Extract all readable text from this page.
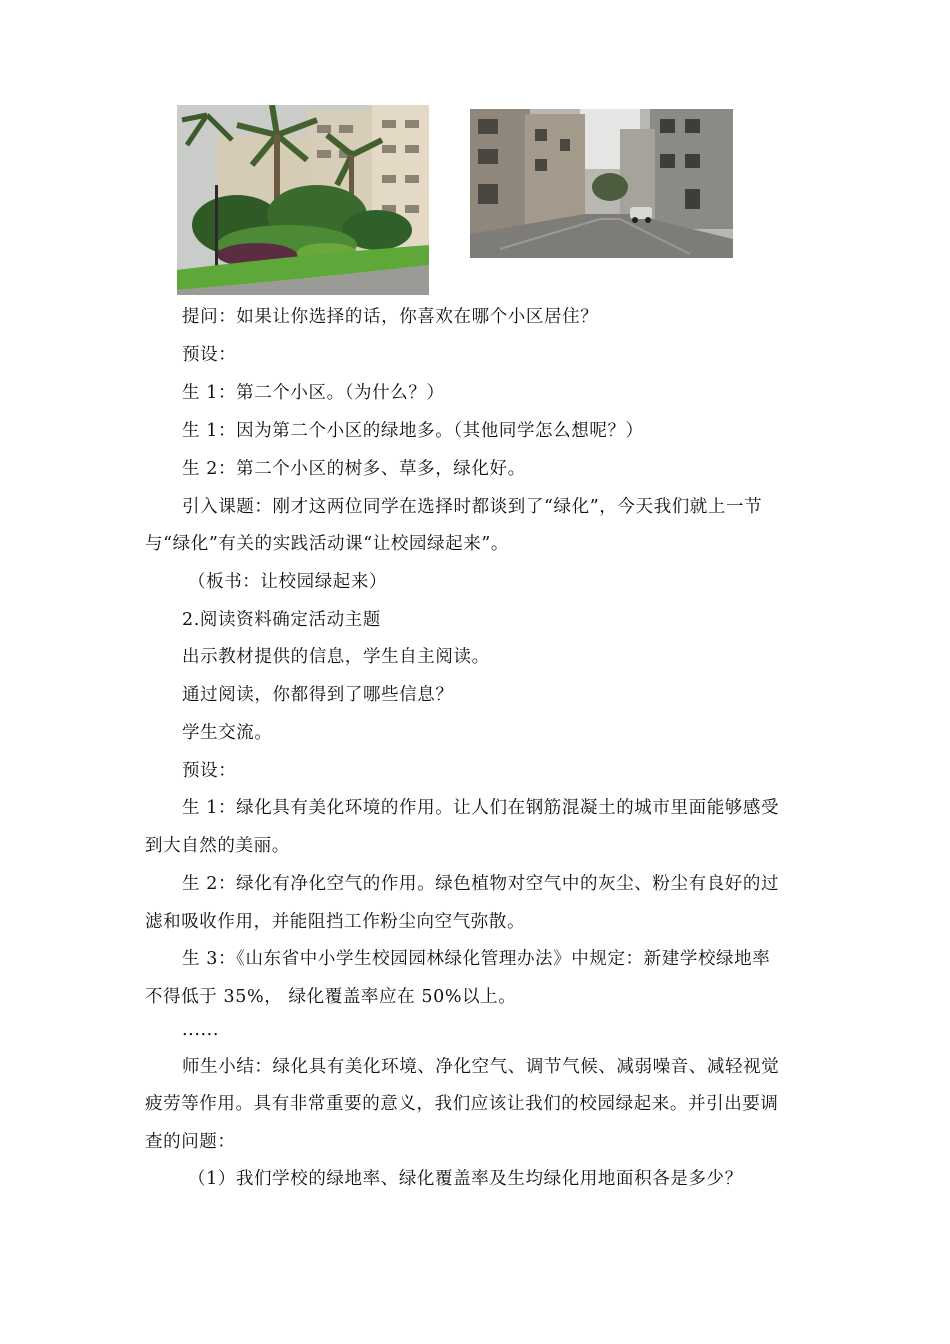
提问：如果让你选择的话，你喜欢在哪个小区居住？
预设：
生 1：第二个小区。（为什么？）
生 1：因为第二个小区的绿地多。（其他同学怎么想呢？）
生 2：第二个小区的树多、草多，绿化好。
引入课题：刚才这两位同学在选择时都谈到了“绿化”，今天我们就上一节
与“绿化”有关的实践活动课“让校园绿起来”。
（板书：让校园绿起来）
2.阅读资料确定活动主题
出示教材提供的信息，学生自主阅读。
通过阅读，你都得到了哪些信息？
学生交流。
预设：
生 1：绿化具有美化环境的作用。让人们在钢筋混凝土的城市里面能够感受
到大自然的美丽。
生 2：绿化有净化空气的作用。绿色植物对空气中的灰尘、粉尘有良好的过
滤和吸收作用，并能阻挡工作粉尘向空气弥散。
生 3：《山东省中小学生校园园林绿化管理办法》中规定：新建学校绿地率
不得低于 35%， 绿化覆盖率应在 50%以上。
......
师生小结：绿化具有美化环境、净化空气、调节气候、减弱噪音、减轻视觉
疲劳等作用。具有非常重要的意义，我们应该让我们的校园绿起来。并引出要调
查的问题：
（1）我们学校的绿地率、绿化覆盖率及生均绿化用地面积各是多少？
